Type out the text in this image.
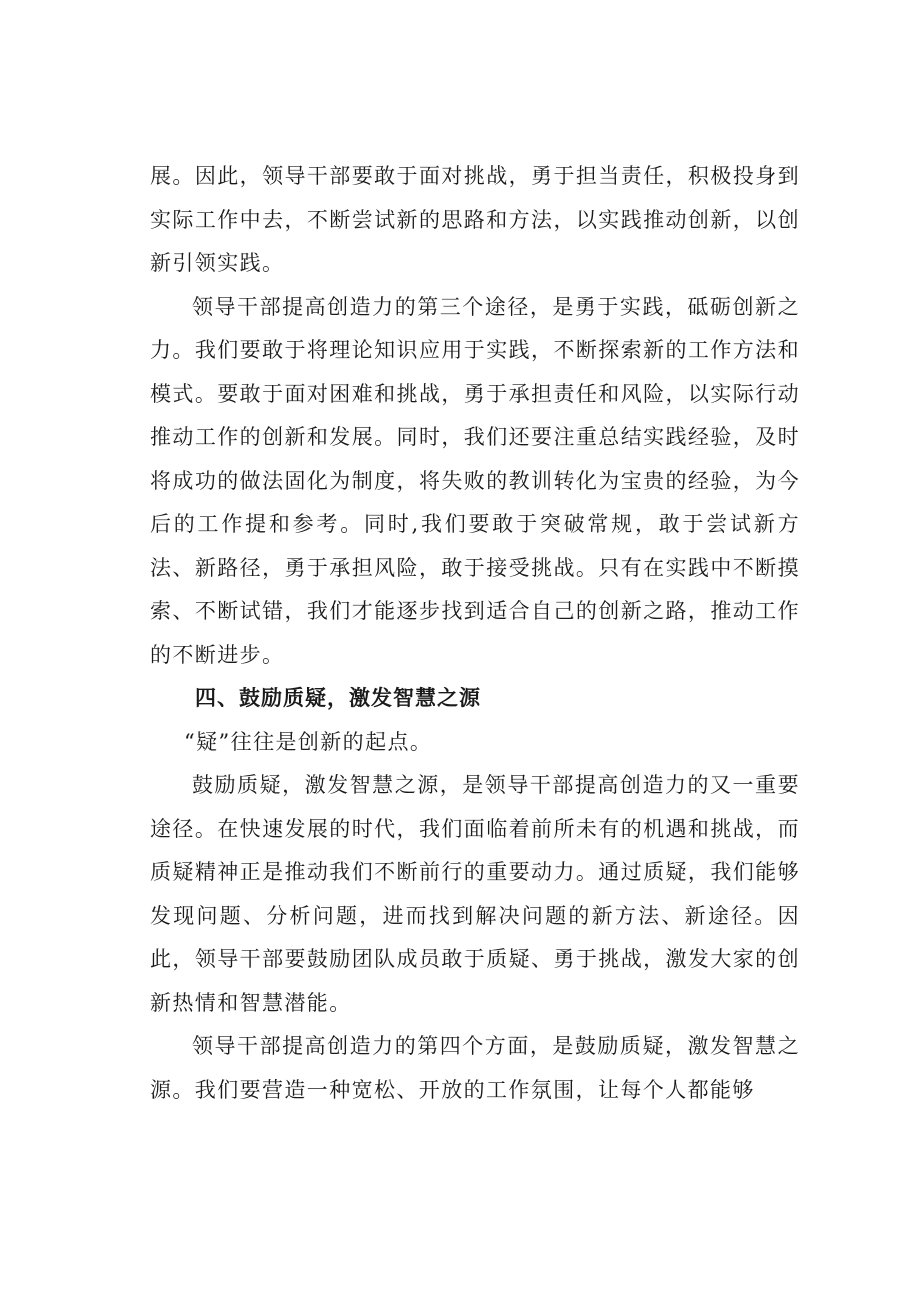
展。因此，领导干部要敢于面对挑战，勇于担当责任，积极投身到实际工作中去，不断尝试新的思路和方法，以实践推动创新，以创新引领实践。

领导干部提高创造力的第三个途径，是勇于实践，砥砺创新之力。我们要敢于将理论知识应用于实践，不断探索新的工作方法和模式。要敢于面对困难和挑战，勇于承担责任和风险，以实际行动推动工作的创新和发展。同时，我们还要注重总结实践经验，及时将成功的做法固化为制度，将失败的教训转化为宝贵的经验，为今后的工作提和参考。同时,我们要敢于突破常规，敢于尝试新方法、新路径，勇于承担风险，敢于接受挑战。只有在实践中不断摸索、不断试错，我们才能逐步找到适合自己的创新之路，推动工作的不断进步。

四、鼓励质疑，激发智慧之源

“疑”往往是创新的起点。

鼓励质疑，激发智慧之源，是领导干部提高创造力的又一重要途径。在快速发展的时代，我们面临着前所未有的机遇和挑战，而质疑精神正是推动我们不断前行的重要动力。通过质疑，我们能够发现问题、分析问题，进而找到解决问题的新方法、新途径。因此，领导干部要鼓励团队成员敢于质疑、勇于挑战，激发大家的创新热情和智慧潜能。

领导干部提高创造力的第四个方面，是鼓励质疑，激发智慧之源。我们要营造一种宽松、开放的工作氛围，让每个人都能够
